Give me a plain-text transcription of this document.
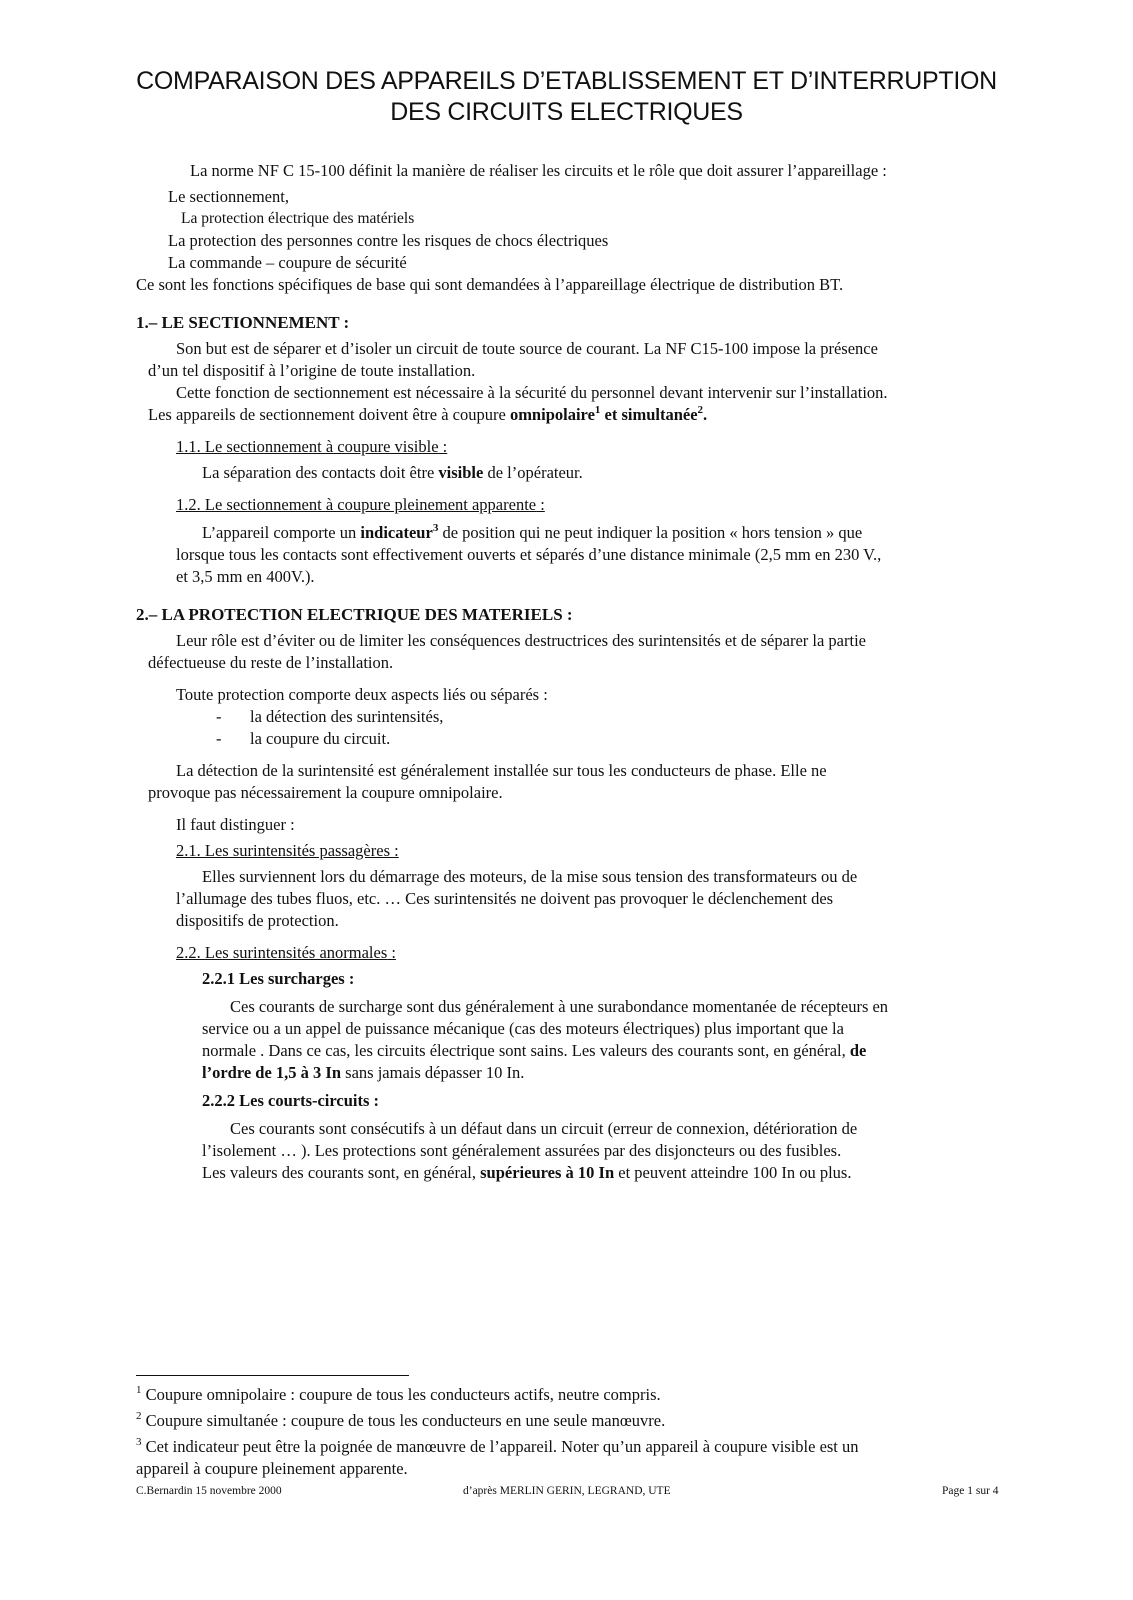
COMPARAISON DES APPAREILS D’ETABLISSEMENT ET D’INTERRUPTION
DES CIRCUITS ELECTRIQUES
La norme NF C 15-100 définit la manière de réaliser les circuits et le rôle que doit assurer l’appareillage :
Le sectionnement,
La protection électrique des matériels
La protection des personnes contre les risques de chocs électriques
La commande – coupure de sécurité
Ce sont les fonctions spécifiques de base qui sont demandées à l’appareillage électrique de distribution BT.
1.– LE SECTIONNEMENT :
Son but est de séparer et d’isoler un circuit de toute source de courant. La NF C15-100 impose la présence
d’un tel dispositif à l’origine de toute installation.
Cette fonction de sectionnement est nécessaire à la sécurité du personnel devant intervenir sur l’installation.
Les appareils de sectionnement doivent être à coupure omnipolaire$^1$ et simultanée$^2$.
1.1. Le sectionnement à coupure visible :
La séparation des contacts doit être visible de l’opérateur.
1.2. Le sectionnement à coupure pleinement apparente :
L’appareil comporte un indicateur$^3$ de position qui ne peut indiquer la position « hors tension » que
lorsque tous les contacts sont effectivement ouverts et séparés d’une distance minimale (2,5 mm en 230 V.,
et 3,5 mm en 400V.).
2.– LA PROTECTION ELECTRIQUE DES MATERIELS :
Leur rôle est d’éviter ou de limiter les conséquences destructrices des surintensités et de séparer la partie
défectueuse du reste de l’installation.
Toute protection comporte deux aspects liés ou séparés :
- la détection des surintensités,
- la coupure du circuit.
La détection de la surintensité est généralement installée sur tous les conducteurs de phase. Elle ne
provoque pas nécessairement la coupure omnipolaire.
Il faut distinguer :
2.1. Les surintensités passagères :
Elles surviennent lors du démarrage des moteurs, de la mise sous tension des transformateurs ou de
l’allumage des tubes fluos, etc. … Ces surintensités ne doivent pas provoquer le déclenchement des
dispositifs de protection.
2.2. Les surintensités anormales :
2.2.1 Les surcharges :
Ces courants de surcharge sont dus généralement à une surabondance momentanée de récepteurs en
service ou a un appel de puissance mécanique (cas des moteurs électriques) plus important que la
normale . Dans ce cas, les circuits électrique sont sains. Les valeurs des courants sont, en général, de
l’ordre de 1,5 à 3 In sans jamais dépasser 10 In.
2.2.2 Les courts-circuits :
Ces courants sont consécutifs à un défaut dans un circuit (erreur de connexion, détérioration de
l’isolement … ). Les protections sont généralement assurées par des disjoncteurs ou des fusibles.
Les valeurs des courants sont, en général, supérieures à 10 In et peuvent atteindre 100 In ou plus.
$^1$ Coupure omnipolaire : coupure de tous les conducteurs actifs, neutre compris.
$^2$ Coupure simultanée : coupure de tous les conducteurs en une seule manœuvre.
$^3$ Cet indicateur peut être la poignée de manœuvre de l’appareil. Noter qu’un appareil à coupure visible est un
appareil à coupure pleinement apparente.
C.Bernardin 15 novembre 2000	d’après MERLIN GERIN, LEGRAND, UTE	Page 1 sur 4
